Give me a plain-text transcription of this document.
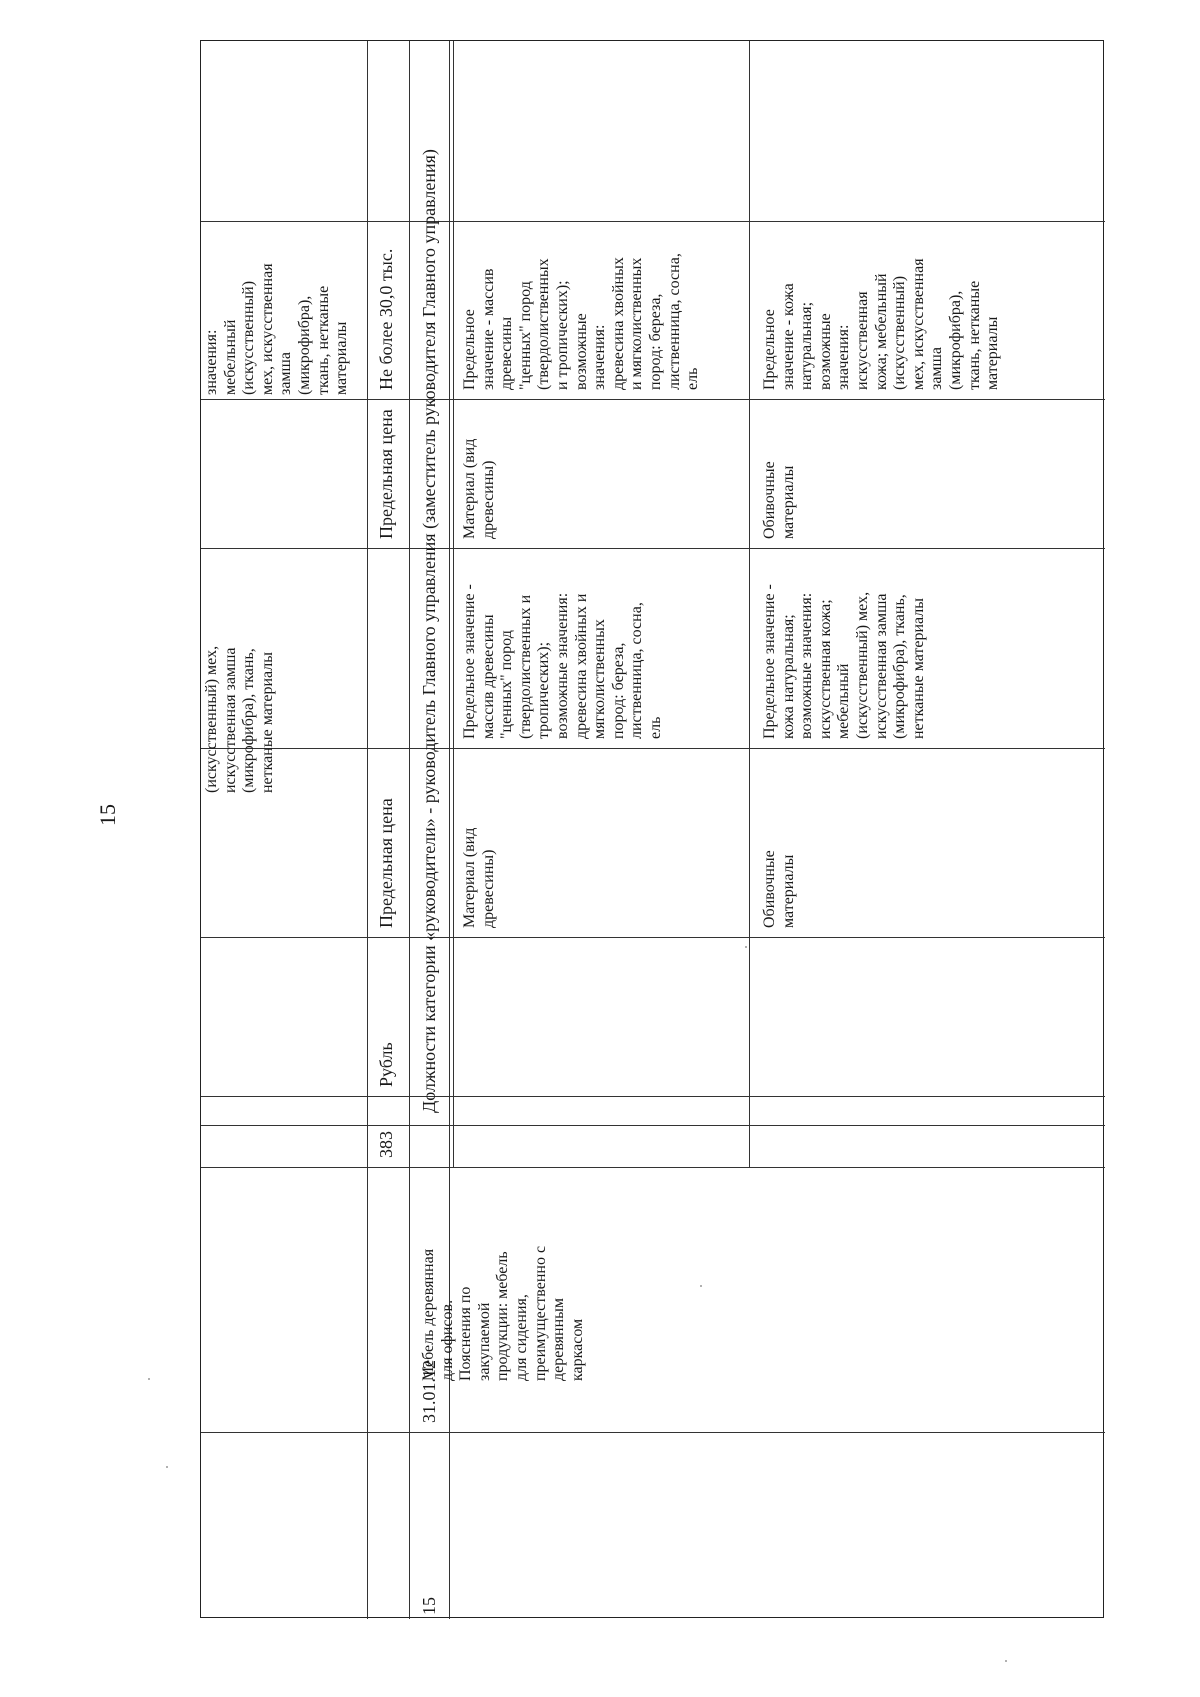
15
(искусственный) мех, искусственная замша (микрофибра), ткань, нетканые материалы
значения: мебельный (искусственный) мех, искусственная замша (микрофибра), ткань, нетканые материалы
383
Рубль
Предельная цена
Предельная цена
Не более 30,0 тыс. Должности категории «руководители» - руководитель Главного управления (заместитель руководителя Главного управления)
15
31.01.12
Мебель деревянная для офисов. Пояснения по закупаемой продукции: мебель для сидения, преимущественно с деревянным каркасом
Материал (вид древесины)
Предельное значение - массив древесины "ценных" пород (твердолиственных и тропических); возможные значения: древесина хвойных и мягколиственных пород: береза, лиственница, сосна, ель
Материал (вид древесины)
Предельное значение - массив древесины "ценных" пород (твердолиственных и тропических); возможные значения: древесина хвойных и мягколиственных пород: береза, лиственница, сосна, ель
Обивочные материалы
Предельное значение - кожа натуральная; возможные значения: искусственная кожа; мебельный (искусственный) мех, искусственная замша (микрофибра), ткань, нетканые материалы
Обивочные материалы
Предельное значение - кожа натуральная; возможные значения: искусственная кожа; мебельный (искусственный) мех, искусственная замша (микрофибра), ткань, нетканые материалы
